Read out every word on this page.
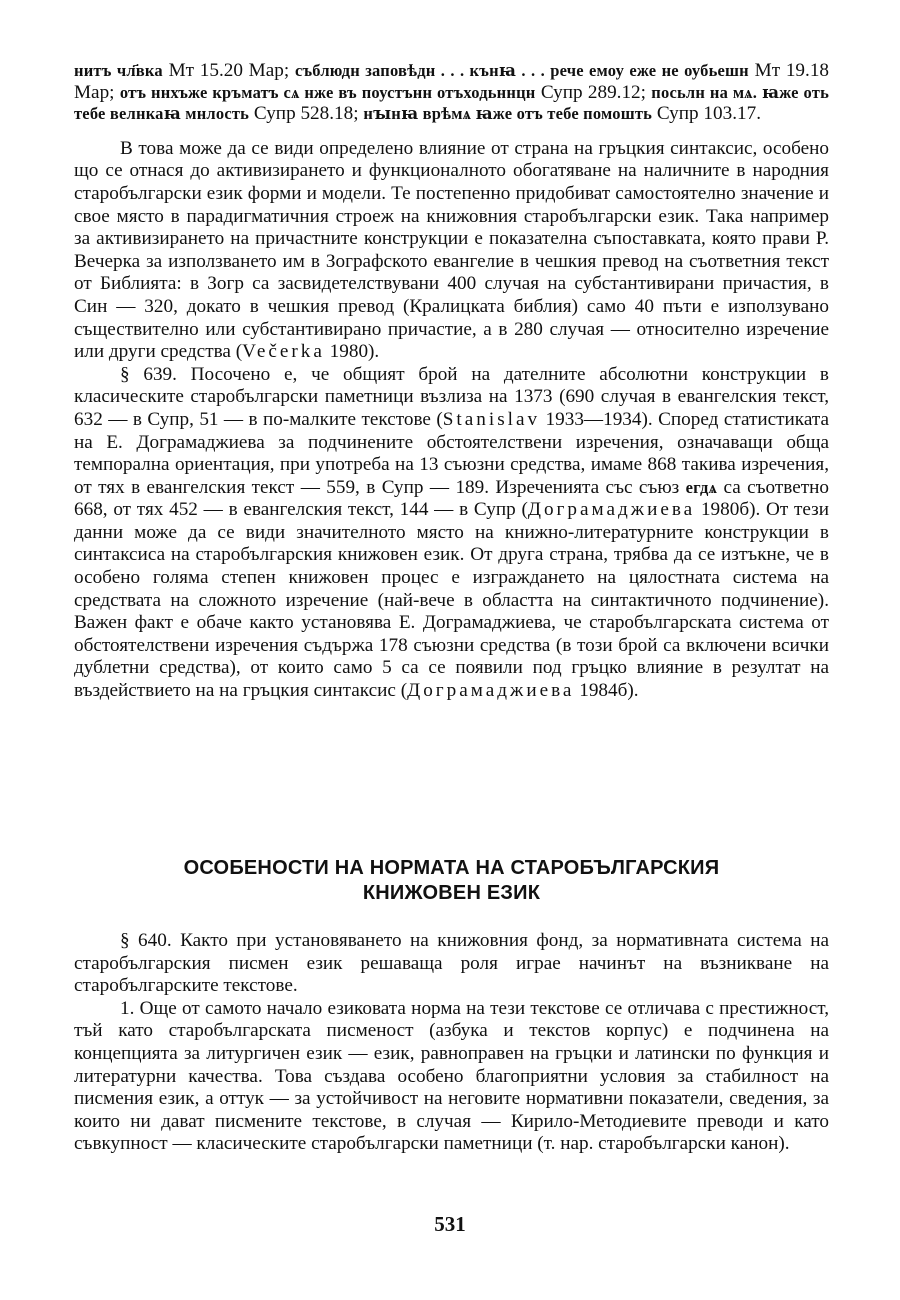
нитъ чл҃вка Мт 15.20 Мар; съблюдн заповѣдн . . . кънꙗ . . . рече емоу еже не оубьешн Мт 19.18 Мар; отъ ннхъже кръматъ сѧ нже въ поустънн отъходьннцн Супр 289.12; посьлн на мѧ. ꙗже оть тебе велнкаꙗ мнлость Супр 528.18; нꙑнꙗ врѣмѧ ꙗже отъ тебе помошть Супр 103.17.

В това може да се види определено влияние от страна на гръцкия синтаксис, особено що се отнася до активизирането и функционалното обогатяване на наличните в народния старобългарски език форми и модели. Те постепенно придобиват самостоятелно значение и свое място в парадигматичния строеж на книжовния старобългарски език. Така например за активизирането на причастните конструкции е показателна съпоставката, която прави Р. Вечерка за използването им в Зографското евангелие в чешкия превод на съответния текст от Библията: в Зогр са засвидетелствувани 400 случая на субстантивирани причастия, в Син — 320, докато в чешкия превод (Кралицката библия) само 40 пъти е използувано съществително или субстантивирано причастие, а в 280 случая — относително изречение или други средства (Večerka 1980).

§ 639. Посочено е, че общият брой на дателните абсолютни конструкции в класическите старобългарски паметници възлиза на 1373 (690 случая в евангелския текст, 632 — в Супр, 51 — в по-малките текстове (Stanislav 1933—1934). Според статистиката на Е. Дограмаджиева за подчинените обстоятелствени изречения, означаващи обща темпорална ориентация, при употреба на 13 съюзни средства, имаме 868 такива изречения, от тях в евангелския текст — 559, в Супр — 189. Изреченията със съюз егдѧ са съответно 668, от тях 452 — в евангелския текст, 144 — в Супр (Дограмаджиева 1980б). От тези данни може да се види значителното място на книжно-литературните конструкции в синтаксиса на старобългарския книжовен език. От друга страна, трябва да се изтъкне, че в особено голяма степен книжовен процес е изграждането на цялостната система на средствата на сложното изречение (най-вече в областта на синтактичното подчинение). Важен факт е обаче както установява Е. Дограмаджиева, че старобългарската система от обстоятелствени изречения съдържа 178 съюзни средства (в този брой са включени всички дублетни средства), от които само 5 са се появили под гръцко влияние в резултат на въздействието на на гръцкия синтаксис (Дограмаджиева 1984б).

ОСОБЕНОСТИ НА НОРМАТА НА СТАРОБЪЛГАРСКИЯ
КНИЖОВЕН ЕЗИК

§ 640. Както при установяването на книжовния фонд, за нормативната система на старобългарския писмен език решаваща роля играе начинът на възникване на старобългарските текстове.

1. Още от самото начало езиковата норма на тези текстове се отличава с престижност, тъй като старобългарската писменост (азбука и текстов корпус) е подчинена на концепцията за литургичен език — език, равноправен на гръцки и латински по функция и литературни качества. Това създава особено благоприятни условия за стабилност на писмения език, а оттук — за устойчивост на неговите нормативни показатели, сведения, за които ни дават писмените текстове, в случая — Кирило-Методиевите преводи и като съвкупност — класическите старобългарски паметници (т. нар. старобългарски канон).

531
